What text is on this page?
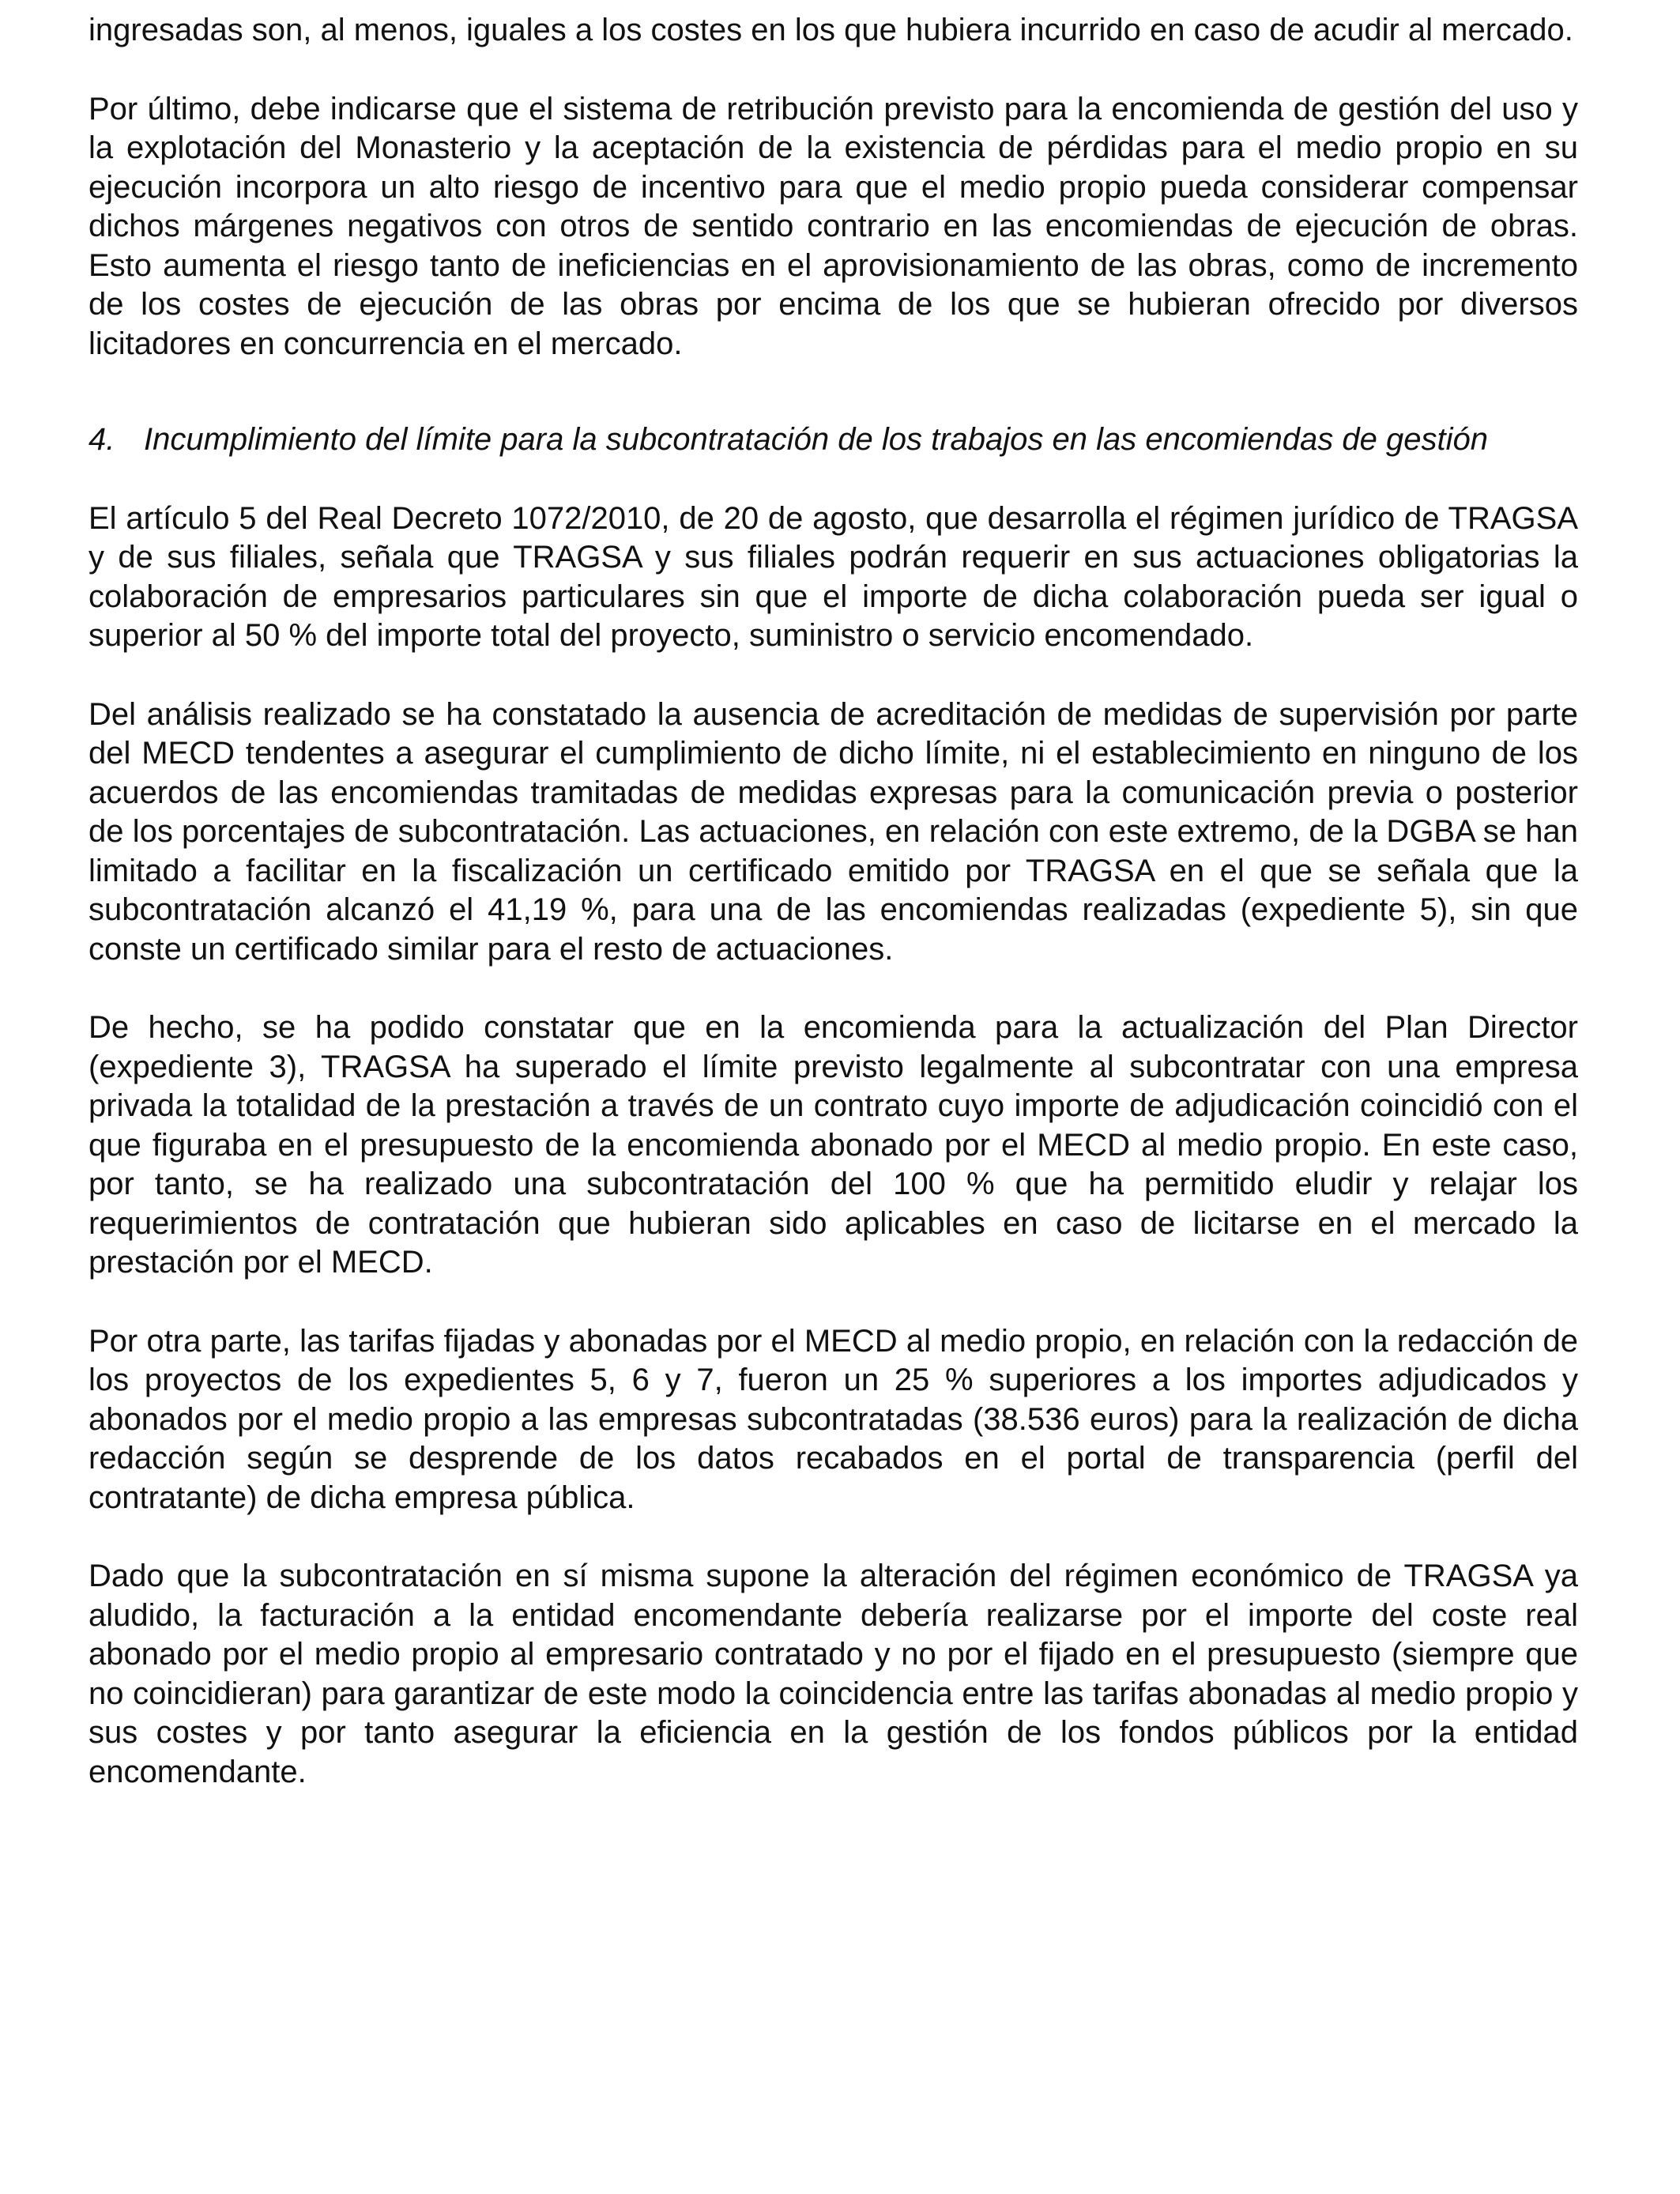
ingresadas son, al menos, iguales a los costes en los que hubiera incurrido en caso de acudir al mercado.

Por último, debe indicarse que el sistema de retribución previsto para la encomienda de gestión del uso y la explotación del Monasterio y la aceptación de la existencia de pérdidas para el medio propio en su ejecución incorpora un alto riesgo de incentivo para que el medio propio pueda considerar compensar dichos márgenes negativos con otros de sentido contrario en las encomiendas de ejecución de obras. Esto aumenta el riesgo tanto de ineficiencias en el aprovisionamiento de las obras, como de incremento de los costes de ejecución de las obras por encima de los que se hubieran ofrecido por diversos licitadores en concurrencia en el mercado.

4. Incumplimiento del límite para la subcontratación de los trabajos en las encomiendas de gestión

El artículo 5 del Real Decreto 1072/2010, de 20 de agosto, que desarrolla el régimen jurídico de TRAGSA y de sus filiales, señala que TRAGSA y sus filiales podrán requerir en sus actuaciones obligatorias la colaboración de empresarios particulares sin que el importe de dicha colaboración pueda ser igual o superior al 50 % del importe total del proyecto, suministro o servicio encomendado.

Del análisis realizado se ha constatado la ausencia de acreditación de medidas de supervisión por parte del MECD tendentes a asegurar el cumplimiento de dicho límite, ni el establecimiento en ninguno de los acuerdos de las encomiendas tramitadas de medidas expresas para la comunicación previa o posterior de los porcentajes de subcontratación. Las actuaciones, en relación con este extremo, de la DGBA se han limitado a facilitar en la fiscalización un certificado emitido por TRAGSA en el que se señala que la subcontratación alcanzó el 41,19 %, para una de las encomiendas realizadas (expediente 5), sin que conste un certificado similar para el resto de actuaciones.

De hecho, se ha podido constatar que en la encomienda para la actualización del Plan Director (expediente 3), TRAGSA ha superado el límite previsto legalmente al subcontratar con una empresa privada la totalidad de la prestación a través de un contrato cuyo importe de adjudicación coincidió con el que figuraba en el presupuesto de la encomienda abonado por el MECD al medio propio. En este caso, por tanto, se ha realizado una subcontratación del 100 % que ha permitido eludir y relajar los requerimientos de contratación que hubieran sido aplicables en caso de licitarse en el mercado la prestación por el MECD.

Por otra parte, las tarifas fijadas y abonadas por el MECD al medio propio, en relación con la redacción de los proyectos de los expedientes 5, 6 y 7, fueron un 25 % superiores a los importes adjudicados y abonados por el medio propio a las empresas subcontratadas (38.536 euros) para la realización de dicha redacción según se desprende de los datos recabados en el portal de transparencia (perfil del contratante) de dicha empresa pública.

Dado que la subcontratación en sí misma supone la alteración del régimen económico de TRAGSA ya aludido, la facturación a la entidad encomendante debería realizarse por el importe del coste real abonado por el medio propio al empresario contratado y no por el fijado en el presupuesto (siempre que no coincidieran) para garantizar de este modo la coincidencia entre las tarifas abonadas al medio propio y sus costes y por tanto asegurar la eficiencia en la gestión de los fondos públicos por la entidad encomendante.
